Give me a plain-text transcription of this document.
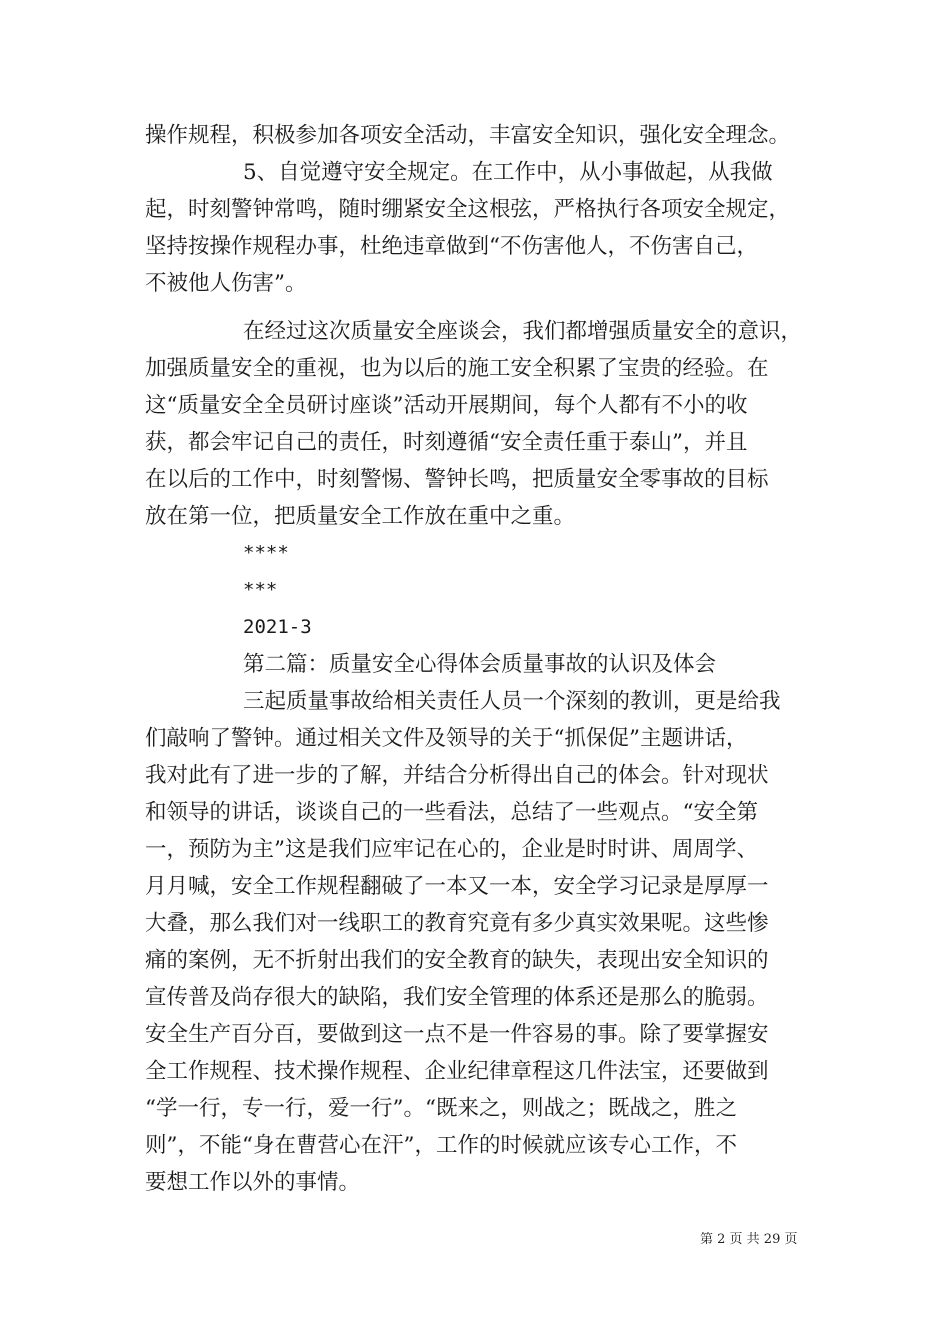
操作规程，积极参加各项安全活动，丰富安全知识，强化安全理念。
5、自觉遵守安全规定。在工作中，从小事做起，从我做
起，时刻警钟常鸣，随时绷紧安全这根弦，严格执行各项安全规定，
坚持按操作规程办事，杜绝违章做到“不伤害他人，不伤害自己，
不被他人伤害”。
在经过这次质量安全座谈会，我们都增强质量安全的意识，
加强质量安全的重视，也为以后的施工安全积累了宝贵的经验。在
这“质量安全全员研讨座谈”活动开展期间，每个人都有不小的收
获，都会牢记自己的责任，时刻遵循“安全责任重于泰山”，并且
在以后的工作中，时刻警惕、警钟长鸣，把质量安全零事故的目标
放在第一位，把质量安全工作放在重中之重。
****
***
2021-3
第二篇：质量安全心得体会质量事故的认识及体会
三起质量事故给相关责任人员一个深刻的教训，更是给我
们敲响了警钟。通过相关文件及领导的关于“抓保促”主题讲话，
我对此有了进一步的了解，并结合分析得出自己的体会。针对现状
和领导的讲话，谈谈自己的一些看法，总结了一些观点。“安全第
一，预防为主”这是我们应牢记在心的，企业是时时讲、周周学、
月月喊，安全工作规程翻破了一本又一本，安全学习记录是厚厚一
大叠，那么我们对一线职工的教育究竟有多少真实效果呢。这些惨
痛的案例，无不折射出我们的安全教育的缺失，表现出安全知识的
宣传普及尚存很大的缺陷，我们安全管理的体系还是那么的脆弱。
安全生产百分百，要做到这一点不是一件容易的事。除了要掌握安
全工作规程、技术操作规程、企业纪律章程这几件法宝，还要做到
“学一行，专一行，爱一行”。“既来之，则战之；既战之，胜之
则”，不能“身在曹营心在汗”，工作的时候就应该专心工作，不
要想工作以外的事情。
第 2 页 共 29 页
